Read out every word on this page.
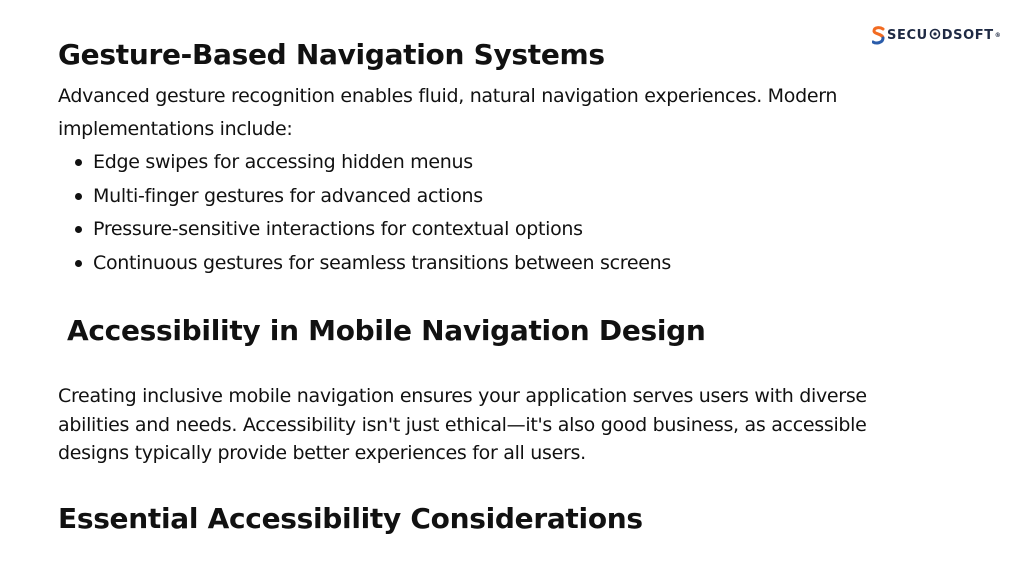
SECU DSOFT®
Gesture-Based Navigation Systems

Advanced gesture recognition enables fluid, natural navigation experiences. Modern implementations include:

Edge swipes for accessing hidden menus
Multi-finger gestures for advanced actions
Pressure-sensitive interactions for contextual options
Continuous gestures for seamless transitions between screens
Accessibility in Mobile Navigation Design

Creating inclusive mobile navigation ensures your application serves users with diverse abilities and needs. Accessibility isn't just ethical—it's also good business, as accessible designs typically provide better experiences for all users.

Essential Accessibility Considerations
